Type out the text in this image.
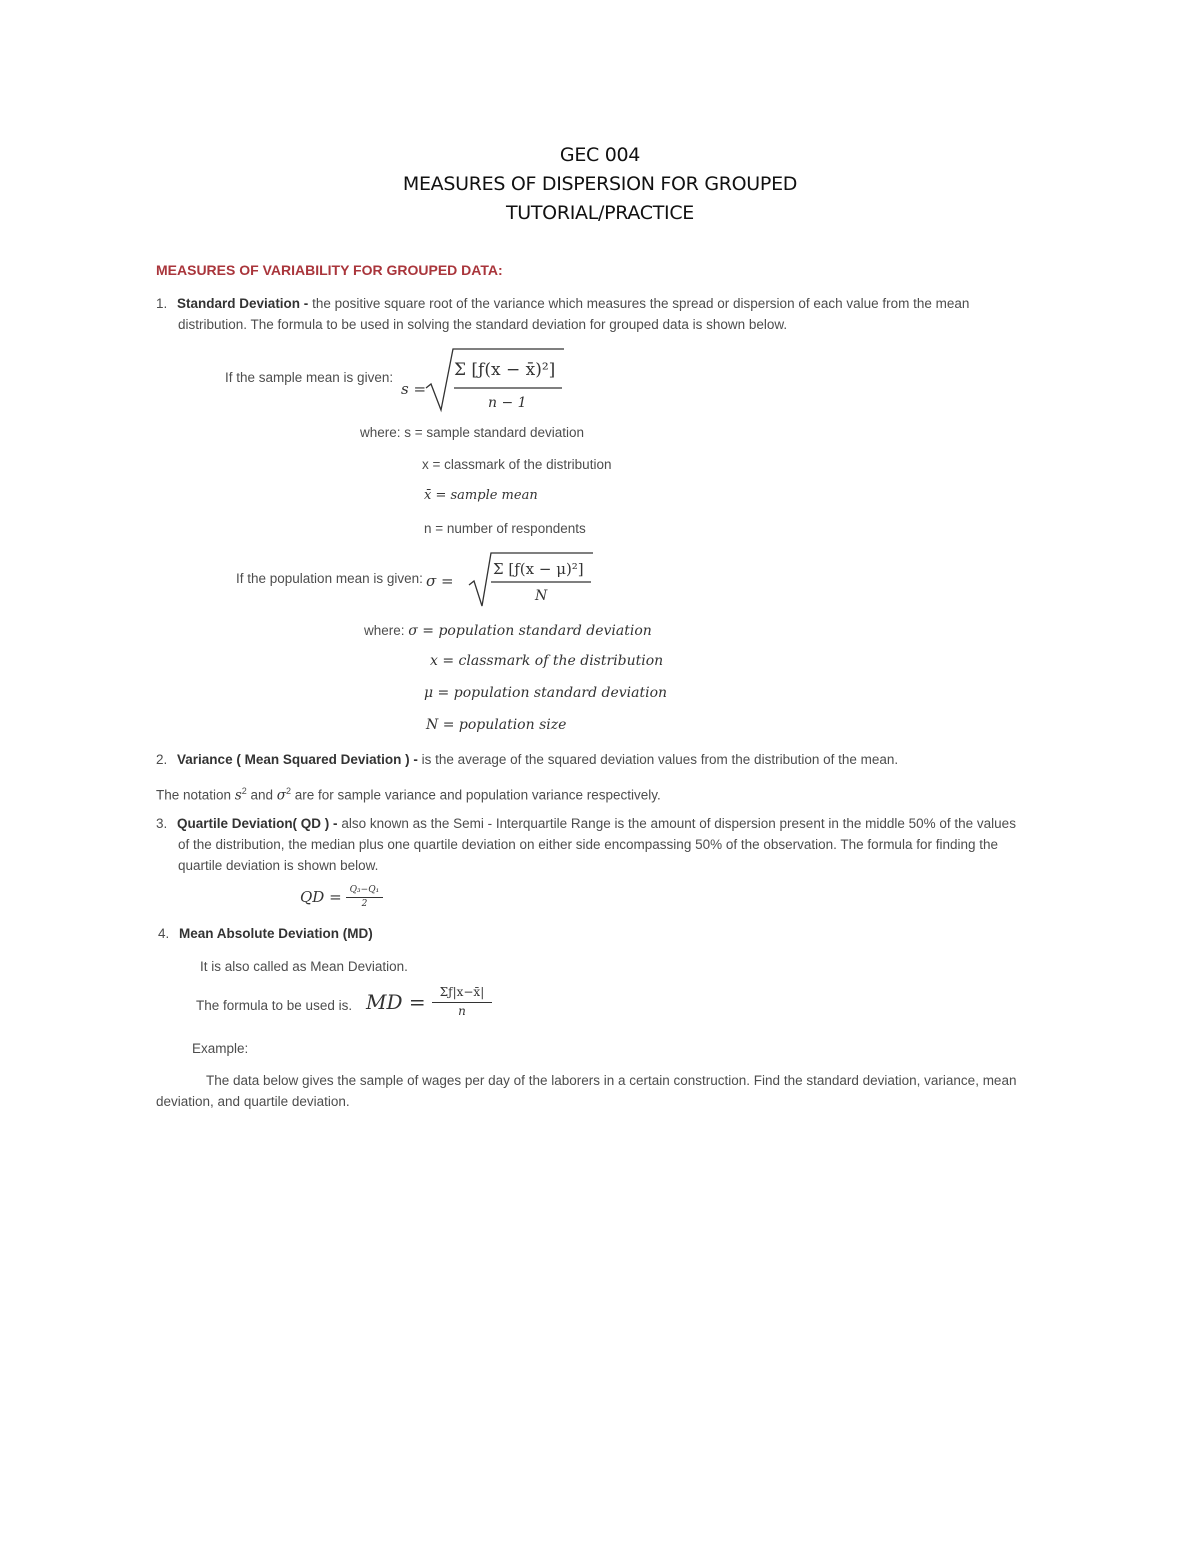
GEC 004
MEASURES OF DISPERSION FOR GROUPED
TUTORIAL/PRACTICE
MEASURES OF VARIABILITY FOR GROUPED DATA:
1. Standard Deviation - the positive square root of the variance which measures the spread or dispersion of each value from the mean
distribution. The formula to be used in solving the standard deviation for grouped data is shown below.
If the sample mean is given:
s =
Σ [ƒ(x − x̄)²]
n − 1
where: s = sample standard deviation
x = classmark of the distribution
x̄ = sample mean
n = number of respondents
If the population mean is given: σ =
Σ [ƒ(x − μ)²]
N
where: σ = population standard deviation
x = classmark of the distribution
μ = population standard deviation
N = population size
2. Variance ( Mean Squared Deviation ) - is the average of the squared deviation values from the distribution of the mean.
The notation $s^2$ and $\sigma^2$ are for sample variance and population variance respectively.
3. Quartile Deviation( QD ) - also known as the Semi - Interquartile Range is the amount of dispersion present in the middle 50% of the values
of the distribution, the median plus one quartile deviation on either side encompassing 50% of the observation. The formula for finding the
quartile deviation is shown below.
QD = $\frac{\text{Q₃−Q₁}}{2}$
4. Mean Absolute Deviation (MD)
It is also called as Mean Deviation.
The formula to be used is. MD = $\frac{\Sigma ƒ|x-x̄|}{n}$
Example:
The data below gives the sample of wages per day of the laborers in a certain construction. Find the standard deviation, variance, mean
deviation, and quartile deviation.
